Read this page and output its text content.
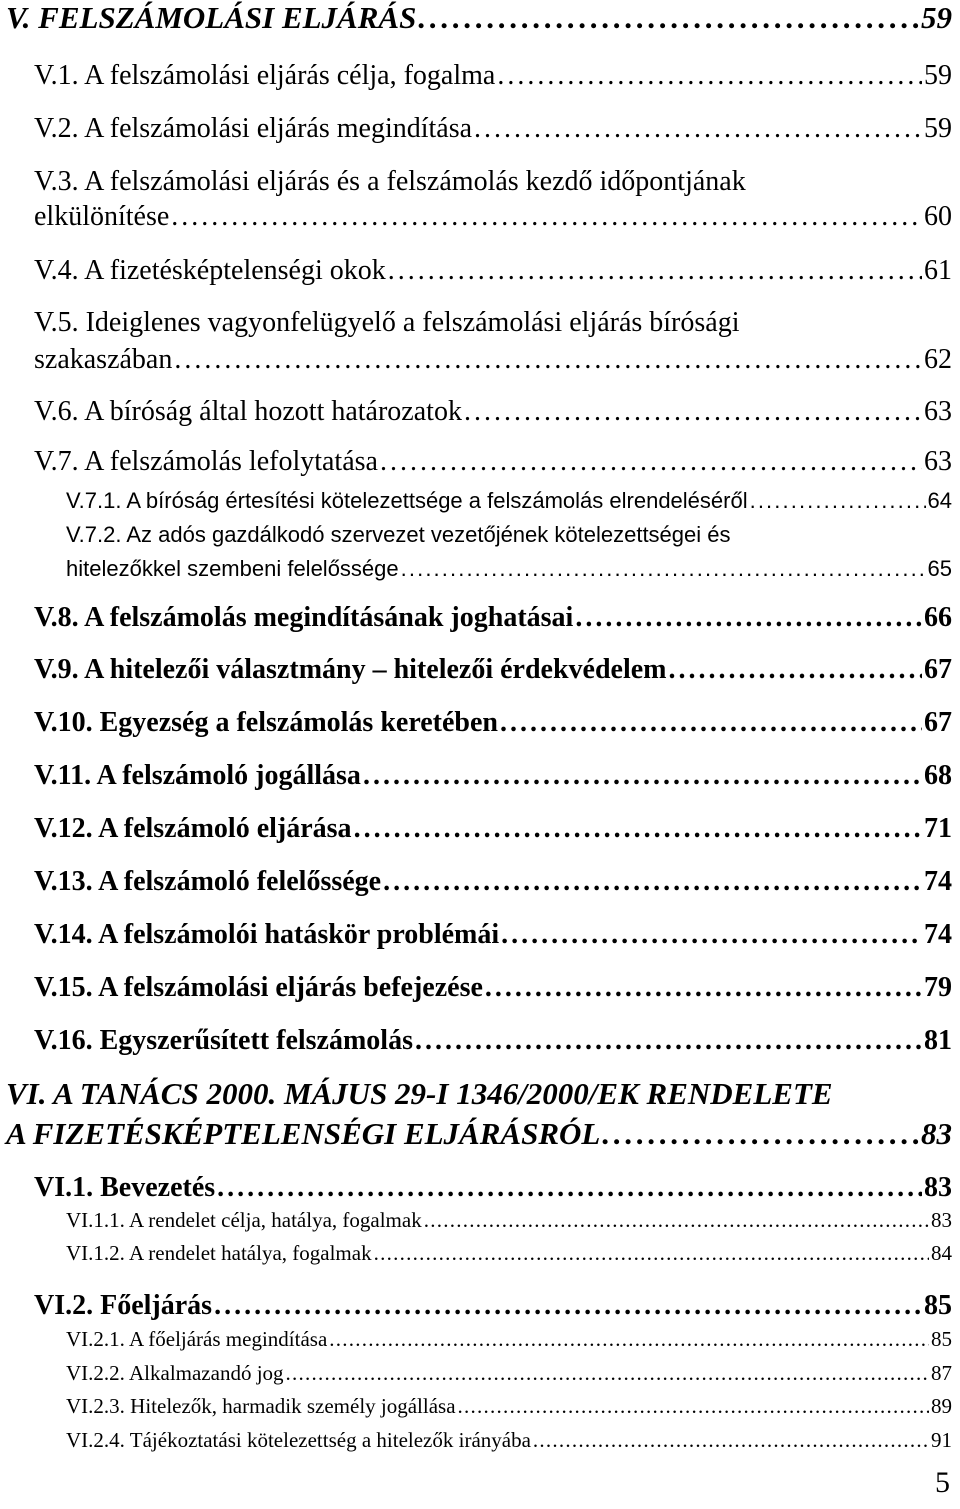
V. FELSZÁMOLÁSI ELJÁRÁS . . .	59
V.1. A felszámolási eljárás célja, fogalma . . .	59
V.2. A felszámolási eljárás megindítása . . .	59
V.3. A felszámolási eljárás és a felszámolás kezdő időpontjának
elkülönítése . . .	60
V.4. A fizetésképtelenségi okok . . .	61
V.5. Ideiglenes vagyonfelügyelő a felszámolási eljárás bírósági
szakaszában . . .	62
V.6. A bíróság által hozott határozatok . . .	63
V.7. A felszámolás lefolytatása . . .	63
V.7.1. A bíróság értesítési kötelezettsége a felszámolás elrendeléséről . . .	64
V.7.2. Az adós gazdálkodó szervezet vezetőjének kötelezettségei és
hitelezőkkel szembeni felelőssége . . .	65
V.8. A felszámolás megindításának joghatásai . . .	66
V.9. A hitelezői választmány – hitelezői érdekvédelem . . .	67
V.10. Egyezség a felszámolás keretében . . .	67
V.11. A felszámoló jogállása . . .	68
V.12. A felszámoló eljárása . . .	71
V.13. A felszámoló felelőssége . . .	74
V.14. A felszámolói hatáskör problémái . . .	74
V.15. A felszámolási eljárás befejezése . . .	79
V.16. Egyszerűsített felszámolás . . .	81
VI. A TANÁCS 2000. MÁJUS 29-I 1346/2000/EK RENDELETE
A FIZETÉSKÉPTELENSÉGI ELJÁRÁSRÓL . . .	83
VI.1. Bevezetés . . .	83
VI.1.1. A rendelet célja, hatálya, fogalmak . . .	83
VI.1.2. A rendelet hatálya, fogalmak . . .	84
VI.2. Főeljárás . . .	85
VI.2.1. A főeljárás megindítása . . .	85
VI.2.2. Alkalmazandó jog . . .	87
VI.2.3. Hitelezők, harmadik személy jogállása . . .	89
VI.2.4. Tájékoztatási kötelezettség a hitelezők irányába . . .	91
5
